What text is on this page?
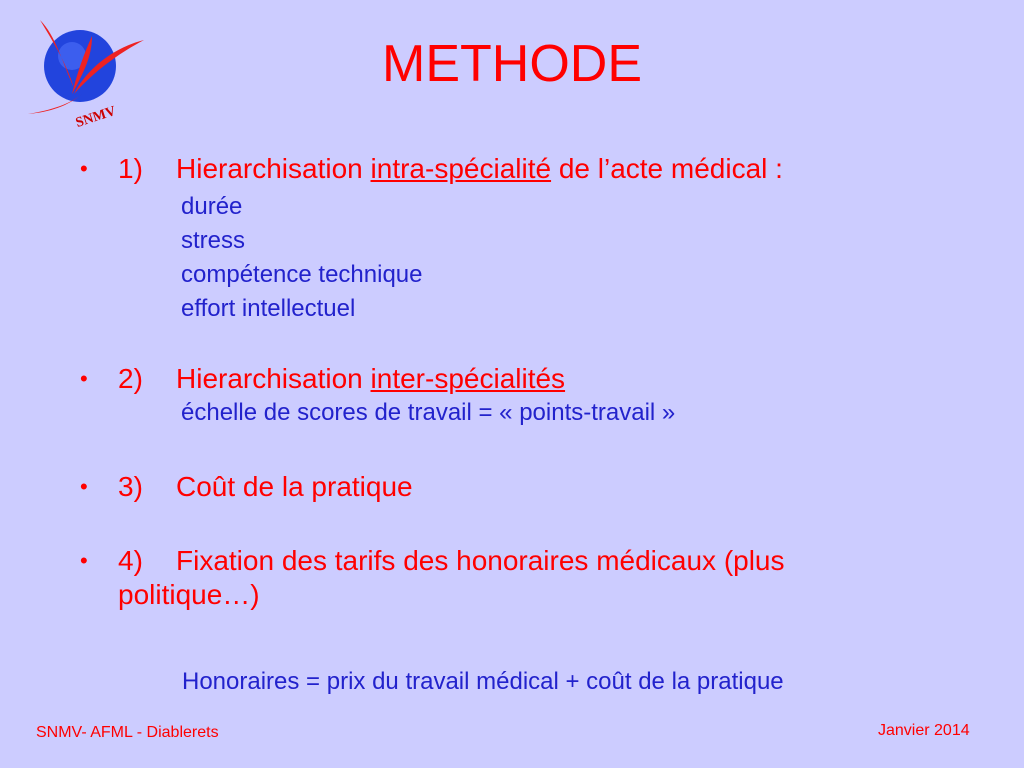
SNMV
METHODE
• 1) Hierarchisation intra-spécialité de l’acte médical :
durée
stress
compétence technique
effort intellectuel
• 2) Hierarchisation inter-spécialités
échelle de scores de travail = « points-travail »
• 3) Coût de la pratique
• 4) Fixation des tarifs des honoraires médicaux (plus
politique…)
Honoraires = prix du travail médical + coût de la pratique
SNMV- AFML - Diablerets	Janvier 2014
